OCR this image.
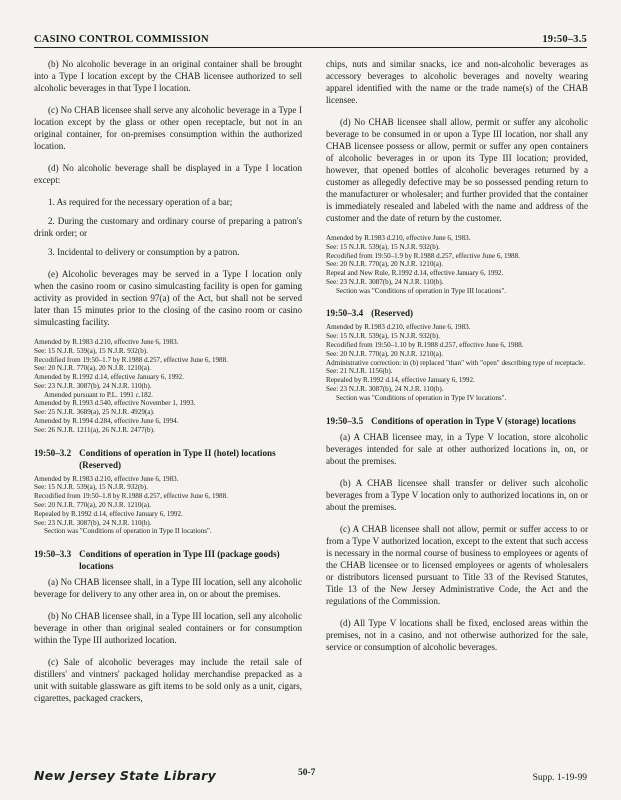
CASINO CONTROL COMMISSION	19:50–3.5

(b) No alcoholic beverage in an original container shall be brought into a Type I location except by the CHAB licensee authorized to sell alcoholic beverages in that Type I location.

(c) No CHAB licensee shall serve any alcoholic beverage in a Type I location except by the glass or other open receptacle, but not in an original container, for on-premises consumption within the authorized location.

(d) No alcoholic beverage shall be displayed in a Type I location except:

1. As required for the necessary operation of a bar;

2. During the customary and ordinary course of preparing a patron's drink order; or

3. Incidental to delivery or consumption by a patron.

(e) Alcoholic beverages may be served in a Type I location only when the casino room or casino simulcasting facility is open for gaming activity as provided in section 97(a) of the Act, but shall not be served later than 15 minutes prior to the closing of the casino room or casino simulcasting facility.

Amended by R.1983 d.210, effective June 6, 1983.
See: 15 N.J.R. 539(a), 15 N.J.R. 932(b).
Recodified from 19:50–1.7 by R.1988 d.257, effective June 6, 1988.
See: 20 N.J.R. 770(a), 20 N.J.R. 1210(a).
Amended by R.1992 d.14, effective January 6, 1992.
See: 23 N.J.R. 3087(b), 24 N.J.R. 110(b).
Amended pursuant to P.L. 1991 c.182.
Amended by R.1993 d.540, effective November 1, 1993.
See: 25 N.J.R. 3689(a), 25 N.J.R. 4929(a).
Amended by R.1994 d.284, effective June 6, 1994.
See: 26 N.J.R. 1211(a), 26 N.J.R. 2477(b).
19:50–3.2 Conditions of operation in Type II (hotel) locations (Reserved)
Amended by R.1983 d.210, effective June 6, 1983.
See: 15 N.J.R. 539(a), 15 N.J.R. 932(b).
Recodified from 19:50–1.8 by R.1988 d.257, effective June 6, 1988.
See: 20 N.J.R. 770(a), 20 N.J.R. 1210(a).
Repealed by R.1992 d.14, effective January 6, 1992.
See: 23 N.J.R. 3087(b), 24 N.J.R. 110(b).
Section was "Conditions of operation in Type II locations".
19:50–3.3 Conditions of operation in Type III (package goods) locations

(a) No CHAB licensee shall, in a Type III location, sell any alcoholic beverage for delivery to any other area in, on or about the premises.

(b) No CHAB licensee shall, in a Type III location, sell any alcoholic beverage in other than original sealed containers or for consumption within the Type III authorized location.

(c) Sale of alcoholic beverages may include the retail sale of distillers' and vintners' packaged holiday merchandise prepacked as a unit with suitable glassware as gift items to be sold only as a unit, cigars, cigarettes, packaged crackers,

chips, nuts and similar snacks, ice and non-alcoholic beverages as accessory beverages to alcoholic beverages and novelty wearing apparel identified with the name or the trade name(s) of the CHAB licensee.

(d) No CHAB licensee shall allow, permit or suffer any alcoholic beverage to be consumed in or upon a Type III location, nor shall any CHAB licensee possess or allow, permit or suffer any open containers of alcoholic beverages in or upon its Type III location; provided, however, that opened bottles of alcoholic beverages returned by a customer as allegedly defective may be so possessed pending return to the manufacturer or wholesaler; and further provided that the container is immediately resealed and labeled with the name and address of the customer and the date of return by the customer.

Amended by R.1983 d.210, effective June 6, 1983.
See: 15 N.J.R. 539(a), 15 N.J.R. 932(b).
Recodified from 19:50–1.9 by R.1988 d.257, effective June 6, 1988.
See: 20 N.J.R. 770(a), 20 N.J.R. 1210(a).
Repeal and New Rule, R.1992 d.14, effective January 6, 1992.
See: 23 N.J.R. 3087(b), 24 N.J.R. 110(b).
Section was "Conditions of operation in Type III locations".
19:50–3.4 (Reserved)
Amended by R.1983 d.210, effective June 6, 1983.
See: 15 N.J.R. 539(a), 15 N.J.R. 932(b).
Recodified from 19:50–1.10 by R.1988 d.257, effective June 6, 1988.
See: 20 N.J.R. 770(a), 20 N.J.R. 1210(a).
Administrative correction: in (b) replaced "than" with "open" describing type of receptacle.
See: 21 N.J.R. 1156(b).
Repealed by R.1992 d.14, effective January 6, 1992.
See: 23 N.J.R. 3087(b), 24 N.J.R. 110(b).
Section was "Conditions of operation in Type IV locations".
19:50–3.5 Conditions of operation in Type V (storage) locations

(a) A CHAB licensee may, in a Type V location, store alcoholic beverages intended for sale at other authorized locations in, on, or about the premises.

(b) A CHAB licensee shall transfer or deliver such alcoholic beverages from a Type V location only to authorized locations in, on or about the premises.

(c) A CHAB licensee shall not allow, permit or suffer access to or from a Type V authorized location, except to the extent that such access is necessary in the normal course of business to employees or agents of the CHAB licensee or to licensed employees or agents of wholesalers or distributors licensed pursuant to Title 33 of the Revised Statutes, Title 13 of the New Jersey Administrative Code, the Act and the regulations of the Commission.

(d) All Type V locations shall be fixed, enclosed areas within the premises, not in a casino, and not otherwise authorized for the sale, service or consumption of alcoholic beverages.

New Jersey State Library	50-7	Supp. 1-19-99
